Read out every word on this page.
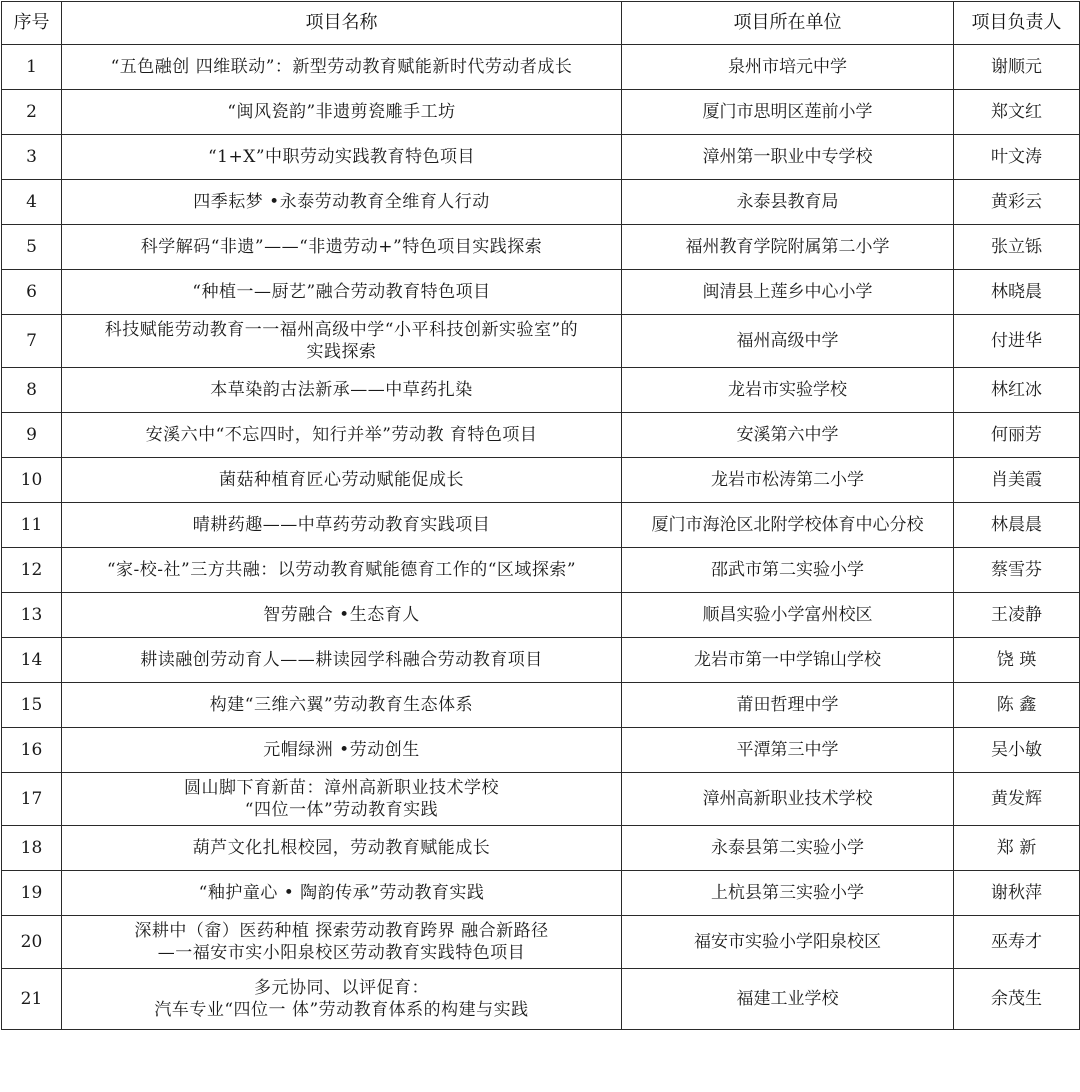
序号	项目名称	项目所在单位	项目负责人
1	“五色融创 四维联动”：新型劳动教育赋能新时代劳动者成长	泉州市培元中学	谢顺元
2	“闽风瓷韵”非遗剪瓷雕手工坊	厦门市思明区莲前小学	郑文红
3	“1+X”中职劳动实践教育特色项目	漳州第一职业中专学校	叶文涛
4	四季耘梦 •永泰劳动教育全维育人行动	永泰县教育局	黄彩云
5	科学解码“非遗”——“非遗劳动+”特色项目实践探索	福州教育学院附属第二小学	张立铄
6	“种植一—厨艺”融合劳动教育特色项目	闽清县上莲乡中心小学	林晓晨
7	科技赋能劳动教育一一福州高级中学“小平科技创新实验室”的
实践探索	福州高级中学	付进华
8	本草染韵古法新承——中草药扎染	龙岩市实验学校	林红冰
9	安溪六中“不忘四时，知行并举”劳动教 育特色项目	安溪第六中学	何丽芳
10	菌菇种植育匠心劳动赋能促成长	龙岩市松涛第二小学	肖美霞
11	晴耕药趣——中草药劳动教育实践项目	厦门市海沧区北附学校体育中心分校	林晨晨
12	“家-校-社”三方共融：以劳动教育赋能德育工作的“区域探索”	邵武市第二实验小学	蔡雪芬
13	智劳融合 •生态育人	顺昌实验小学富州校区	王凌静
14	耕读融创劳动育人——耕读园学科融合劳动教育项目	龙岩市第一中学锦山学校	饶 瑛
15	构建“三维六翼”劳动教育生态体系	莆田哲理中学	陈 鑫
16	元帽绿洲 •劳动创生	平潭第三中学	吴小敏
17	圆山脚下育新苗：漳州高新职业技术学校
“四位一体”劳动教育实践	漳州高新职业技术学校	黄发辉
18	葫芦文化扎根校园，劳动教育赋能成长	永泰县第二实验小学	郑 新
19	“釉护童心 • 陶韵传承”劳动教育实践	上杭县第三实验小学	谢秋萍
20	深耕中（畲）医药种植 探索劳动教育跨界 融合新路径
—一福安市实小阳泉校区劳动教育实践特色项目	福安市实验小学阳泉校区	巫寿才
21	多元协同、以评促育：
汽车专业“四位一 体”劳动教育体系的构建与实践	福建工业学校	余茂生
